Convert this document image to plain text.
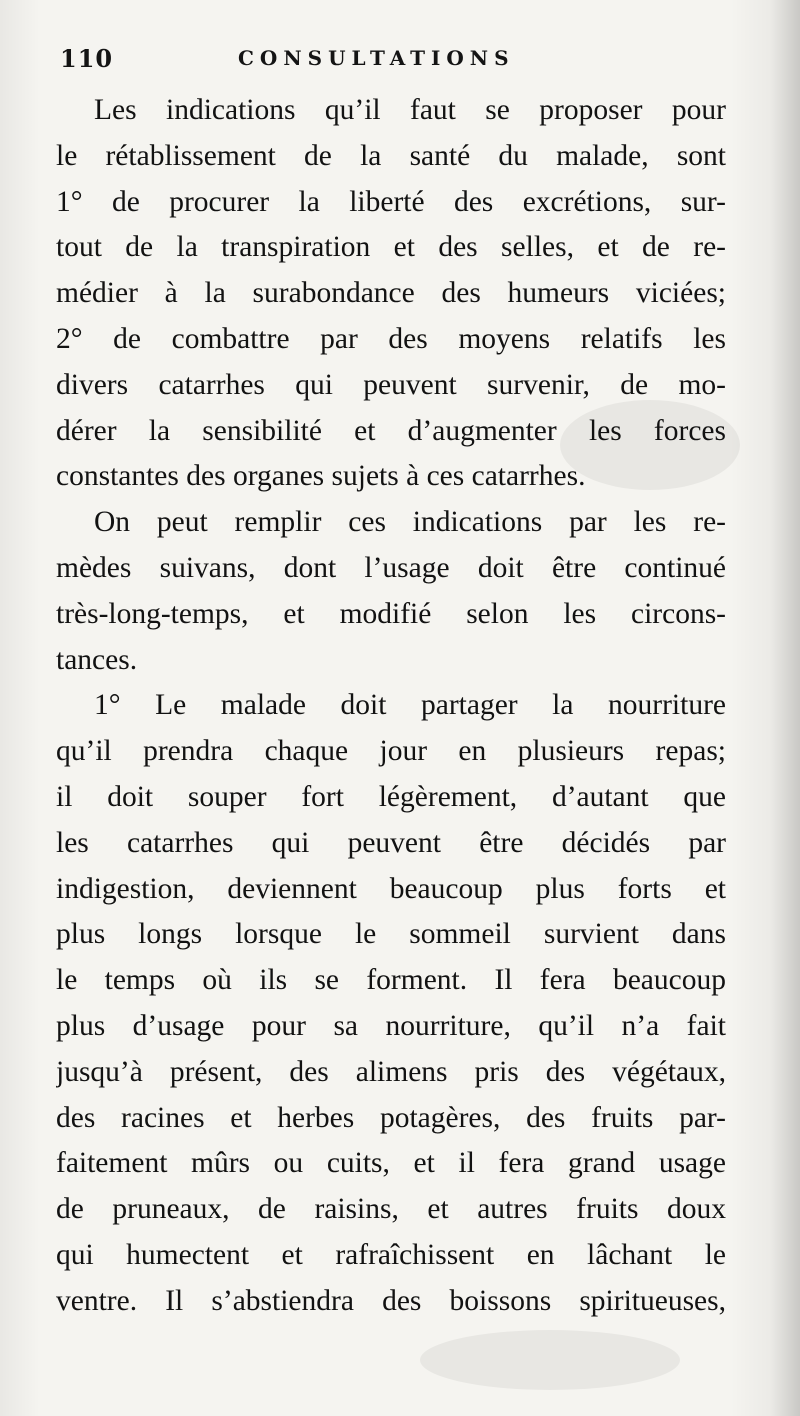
110	CONSULTATIONS
Les indications qu’il faut se proposer pour
le rétablissement de la santé du malade, sont
1° de procurer la liberté des excrétions, sur-
tout de la transpiration et des selles, et de re-
médier à la surabondance des humeurs viciées;
2° de combattre par des moyens relatifs les
divers catarrhes qui peuvent survenir, de mo-
dérer la sensibilité et d’augmenter les forces
constantes des organes sujets à ces catarrhes.
On peut remplir ces indications par les re-
mèdes suivans, dont l’usage doit être continué
très-long-temps, et modifié selon les circons-
tances.
1° Le malade doit partager la nourriture
qu’il prendra chaque jour en plusieurs repas;
il doit souper fort légèrement, d’autant que
les catarrhes qui peuvent être décidés par
indigestion, deviennent beaucoup plus forts et
plus longs lorsque le sommeil survient dans
le temps où ils se forment. Il fera beaucoup
plus d’usage pour sa nourriture, qu’il n’a fait
jusqu’à présent, des alimens pris des végétaux,
des racines et herbes potagères, des fruits par-
faitement mûrs ou cuits, et il fera grand usage
de pruneaux, de raisins, et autres fruits doux
qui humectent et rafraîchissent en lâchant le
ventre. Il s’abstiendra des boissons spiritueuses,
